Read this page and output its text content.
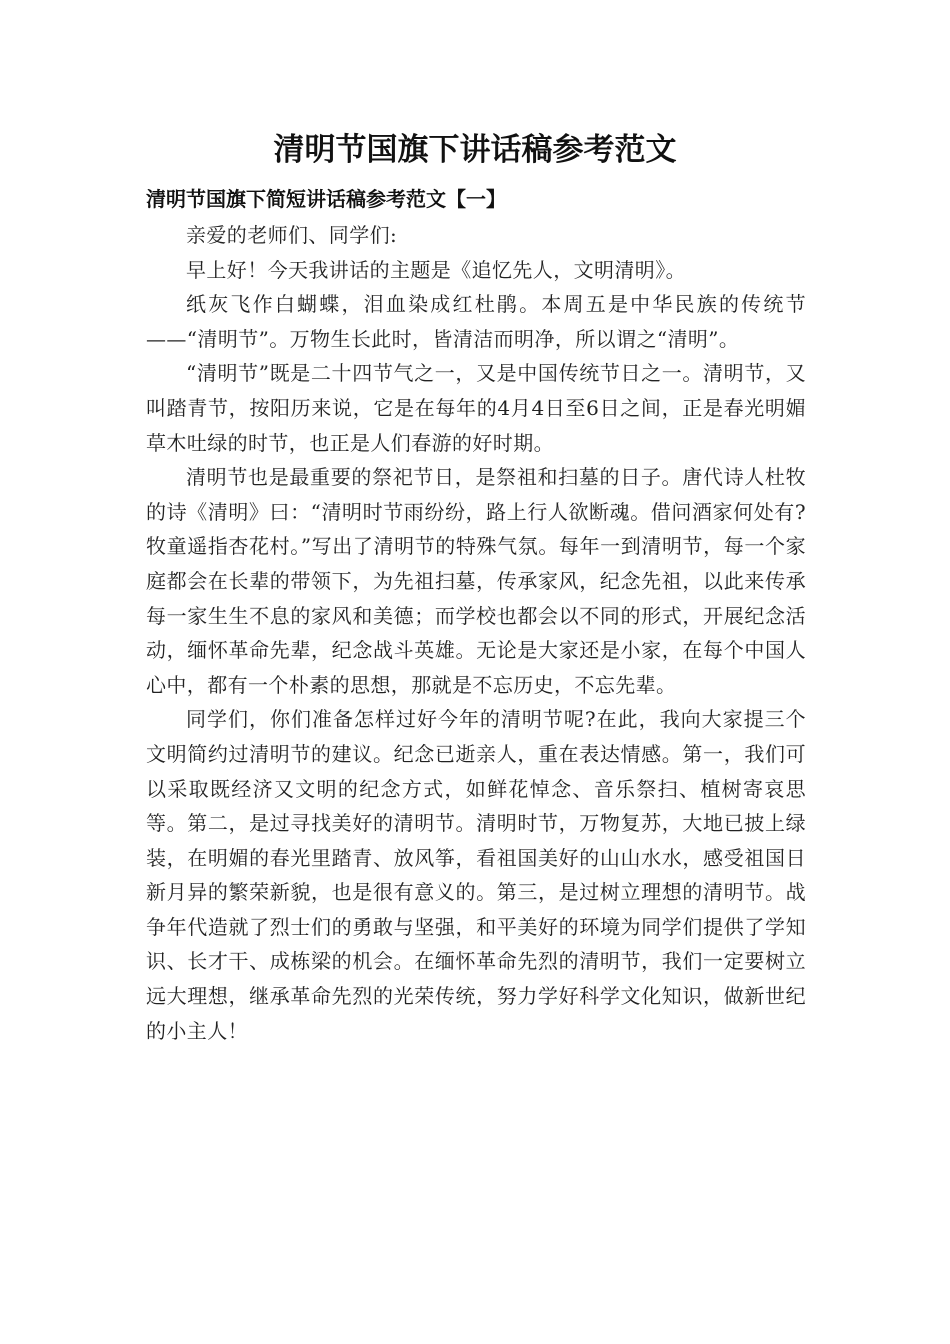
清明节国旗下讲话稿参考范文
清明节国旗下简短讲话稿参考范文【一】

亲爱的老师们、同学们:

早上好！今天我讲话的主题是《追忆先人，文明清明》。

纸灰飞作白蝴蝶，泪血染成红杜鹃。本周五是中华民族的传统节——“清明节”。万物生长此时，皆清洁而明净，所以谓之“清明”。

“清明节”既是二十四节气之一，又是中国传统节日之一。清明节，又叫踏青节，按阳历来说，它是在每年的4月4日至6日之间，正是春光明媚草木吐绿的时节，也正是人们春游的好时期。

清明节也是最重要的祭祀节日，是祭祖和扫墓的日子。唐代诗人杜牧的诗《清明》曰：“清明时节雨纷纷，路上行人欲断魂。借问酒家何处有?牧童遥指杏花村。”写出了清明节的特殊气氛。每年一到清明节，每一个家庭都会在长辈的带领下，为先祖扫墓，传承家风，纪念先祖，以此来传承每一家生生不息的家风和美德；而学校也都会以不同的形式，开展纪念活动，缅怀革命先辈，纪念战斗英雄。无论是大家还是小家，在每个中国人心中，都有一个朴素的思想，那就是不忘历史，不忘先辈。

同学们，你们准备怎样过好今年的清明节呢?在此，我向大家提三个文明简约过清明节的建议。纪念已逝亲人，重在表达情感。第一，我们可以采取既经济又文明的纪念方式，如鲜花悼念、音乐祭扫、植树寄哀思等。第二，是过寻找美好的清明节。清明时节，万物复苏，大地已披上绿装，在明媚的春光里踏青、放风筝，看祖国美好的山山水水，感受祖国日新月异的繁荣新貌，也是很有意义的。第三，是过树立理想的清明节。战争年代造就了烈士们的勇敢与坚强，和平美好的环境为同学们提供了学知识、长才干、成栋梁的机会。在缅怀革命先烈的清明节，我们一定要树立远大理想，继承革命先烈的光荣传统，努力学好科学文化知识，做新世纪的小主人！
